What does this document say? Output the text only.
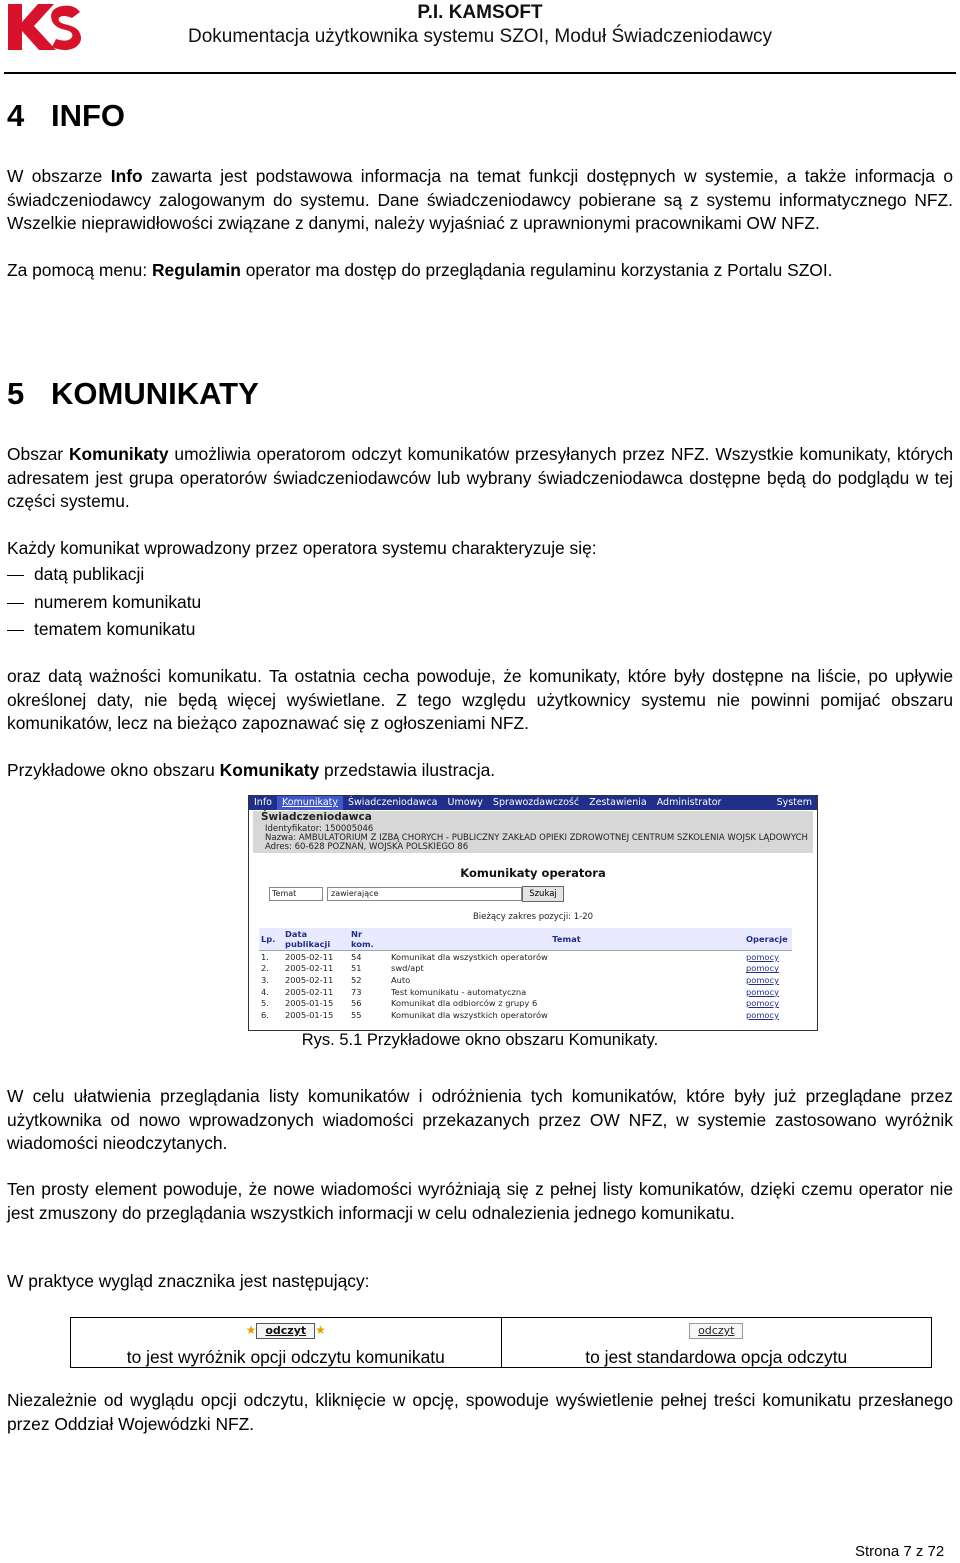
P.I. KAMSOFT
Dokumentacja użytkownika systemu SZOI, Moduł Świadczeniodawcy
4 INFO

W obszarze Info zawarta jest podstawowa informacja na temat funkcji dostępnych w systemie, a także informacja o świadczeniodawcy zalogowanym do systemu. Dane świadczeniodawcy pobierane są z systemu informatycznego NFZ. Wszelkie nieprawidłowości związane z danymi, należy wyjaśniać z uprawnionymi pracownikami OW NFZ.

Za pomocą menu: Regulamin operator ma dostęp do przeglądania regulaminu korzystania z Portalu SZOI.

5 KOMUNIKATY

Obszar Komunikaty umożliwia operatorom odczyt komunikatów przesyłanych przez NFZ. Wszystkie komunikaty, których adresatem jest grupa operatorów świadczeniodawców lub wybrany świadczeniodawca dostępne będą do podglądu w tej części systemu.

Każdy komunikat wprowadzony przez operatora systemu charakteryzuje się:

datą publikacji
numerem komunikatu
tematem komunikatu

oraz datą ważności komunikatu. Ta ostatnia cecha powoduje, że komunikaty, które były dostępne na liście, po upływie określonej daty, nie będą więcej wyświetlane. Z tego względu użytkownicy systemu nie powinni pomijać obszaru komunikatów, lecz na bieżąco zapoznawać się z ogłoszeniami NFZ.

Przykładowe okno obszaru Komunikaty przedstawia ilustracja.

Info	Komunikaty	Świadczeniodawca	Umowy	Sprawozdawczość	Zestawienia	Administrator	System
Świadczeniodawca
Identyfikator: 150005046
Nazwa: AMBULATORIUM Z IZBĄ CHORYCH - PUBLICZNY ZAKŁAD OPIEKI ZDROWOTNEJ CENTRUM SZKOLENIA WOJSK LĄDOWYCH
Adres: 60-628 POZNAŃ, WOJSKA POLSKIEGO 86
Komunikaty operatora
Temat	zawierające	Szukaj
Bieżący zakres pozycji: 1-20
Lp.	Data publikacji	Nr kom.	Temat	Operacje
1.	2005-02-11	54	Komunikat dla wszystkich operatorów	pomocy
2.	2005-02-11	51	swd/apt	pomocy
3.	2005-02-11	52	Auto	pomocy
4.	2005-02-11	73	Test komunikatu - automatyczna	pomocy
5.	2005-01-15	56	Komunikat dla odbiorców z grupy 6	pomocy
6.	2005-01-15	55	Komunikat dla wszystkich operatorów	pomocy
Rys. 5.1 Przykładowe okno obszaru Komunikaty.

W celu ułatwienia przeglądania listy komunikatów i odróżnienia tych komunikatów, które były już przeglądane przez użytkownika od nowo wprowadzonych wiadomości przekazanych przez OW NFZ, w systemie zastosowano wyróżnik wiadomości nieodczytanych.

Ten prosty element powoduje, że nowe wiadomości wyróżniają się z pełnej listy komunikatów, dzięki czemu operator nie jest zmuszony do przeglądania wszystkich informacji w celu odnalezienia jednego komunikatu.

W praktyce wygląd znacznika jest następujący:

★ odczyt ★
to jest wyróżnik opcji odczytu komunikatu
	odczyt
to jest standardowa opcja odczytu

Niezależnie od wyglądu opcji odczytu, kliknięcie w opcję, spowoduje wyświetlenie pełnej treści komunikatu przesłanego przez Oddział Wojewódzki NFZ.

Strona 7 z 72
